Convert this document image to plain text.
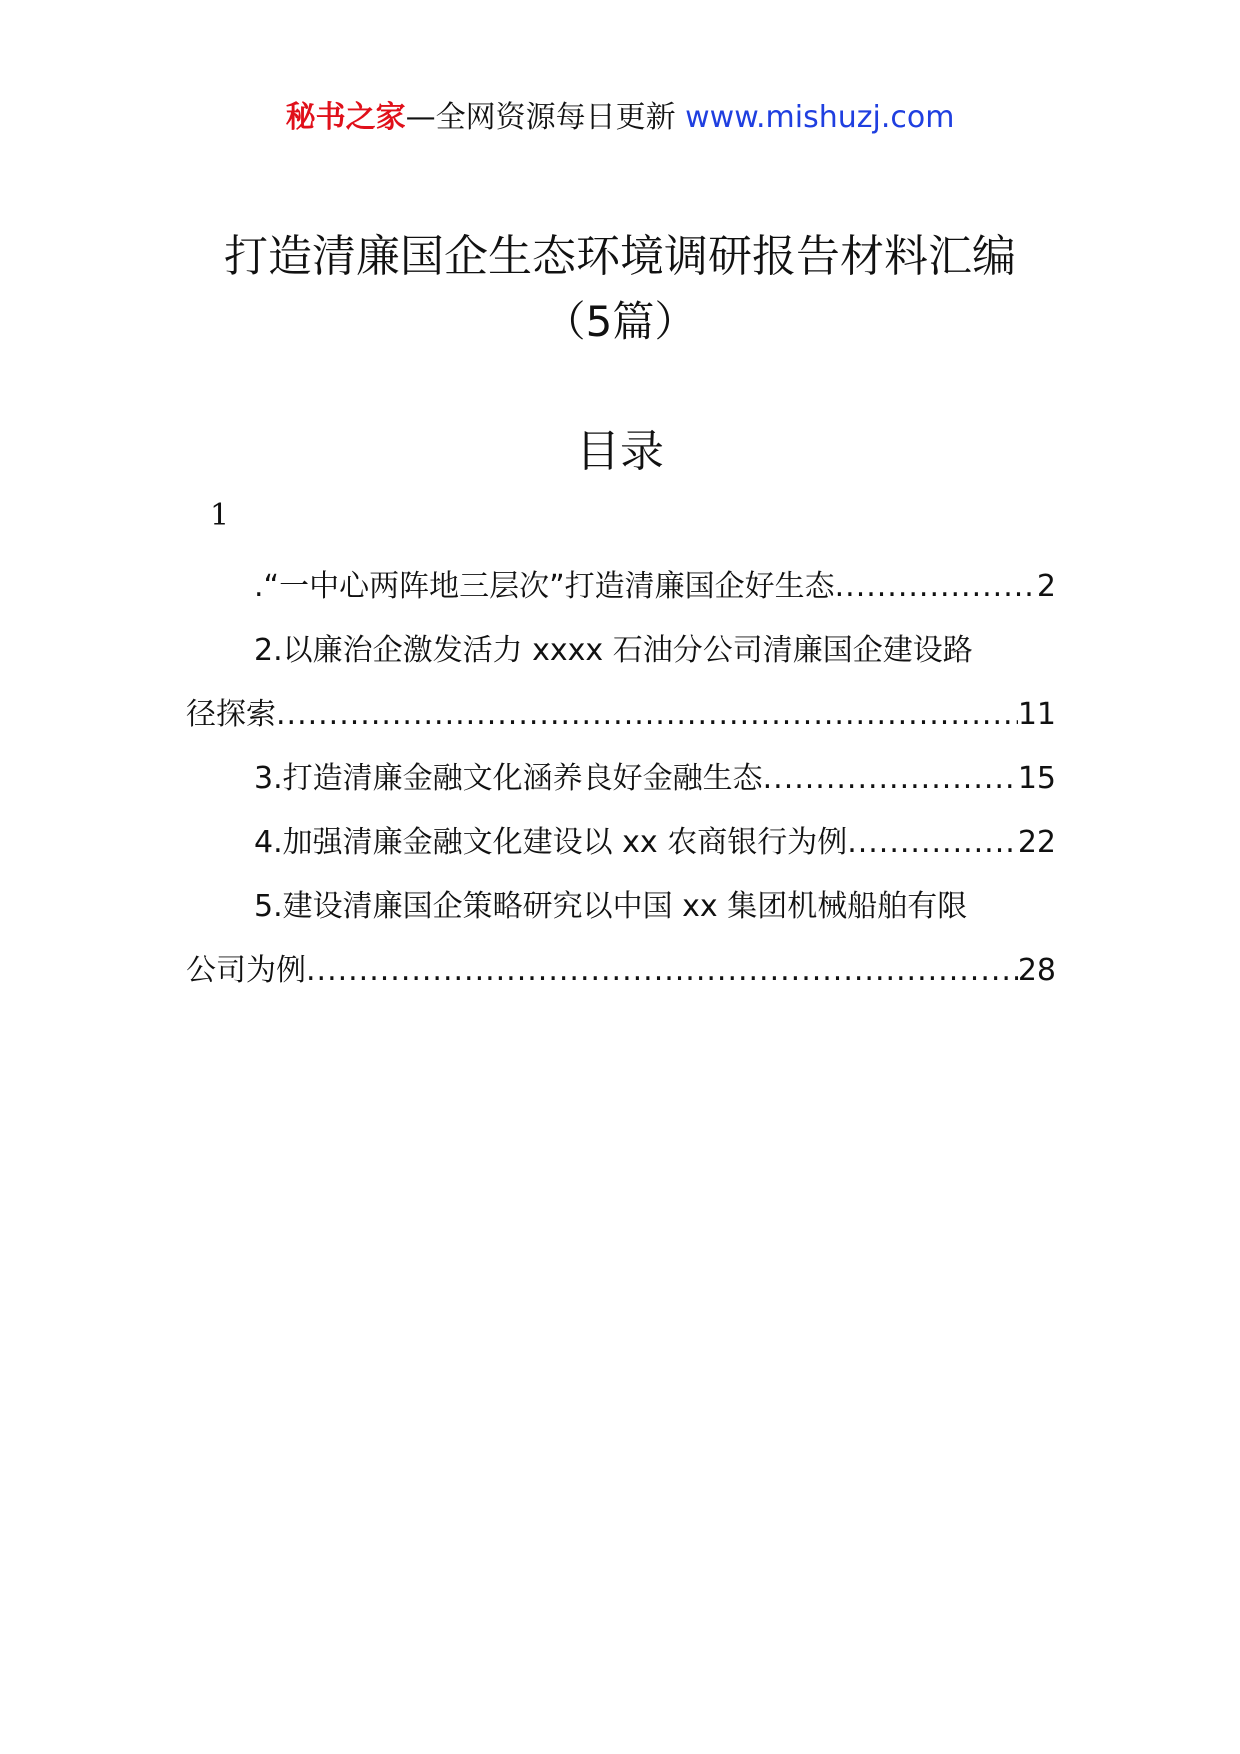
秘书之家—全网资源每日更新 www.mishuzj.com
打造清廉国企生态环境调研报告材料汇编
（5篇）
目录
1
.“一中心两阵地三层次”打造清廉国企好生态 .....	2
2.以廉治企激发活力 xxxx 石油分公司清廉国企建设路
径探索 .....	11
3.打造清廉金融文化涵养良好金融生态 .....	15
4.加强清廉金融文化建设以 xx 农商银行为例 .....	22
5.建设清廉国企策略研究以中国 xx 集团机械船舶有限
公司为例 .....	28
